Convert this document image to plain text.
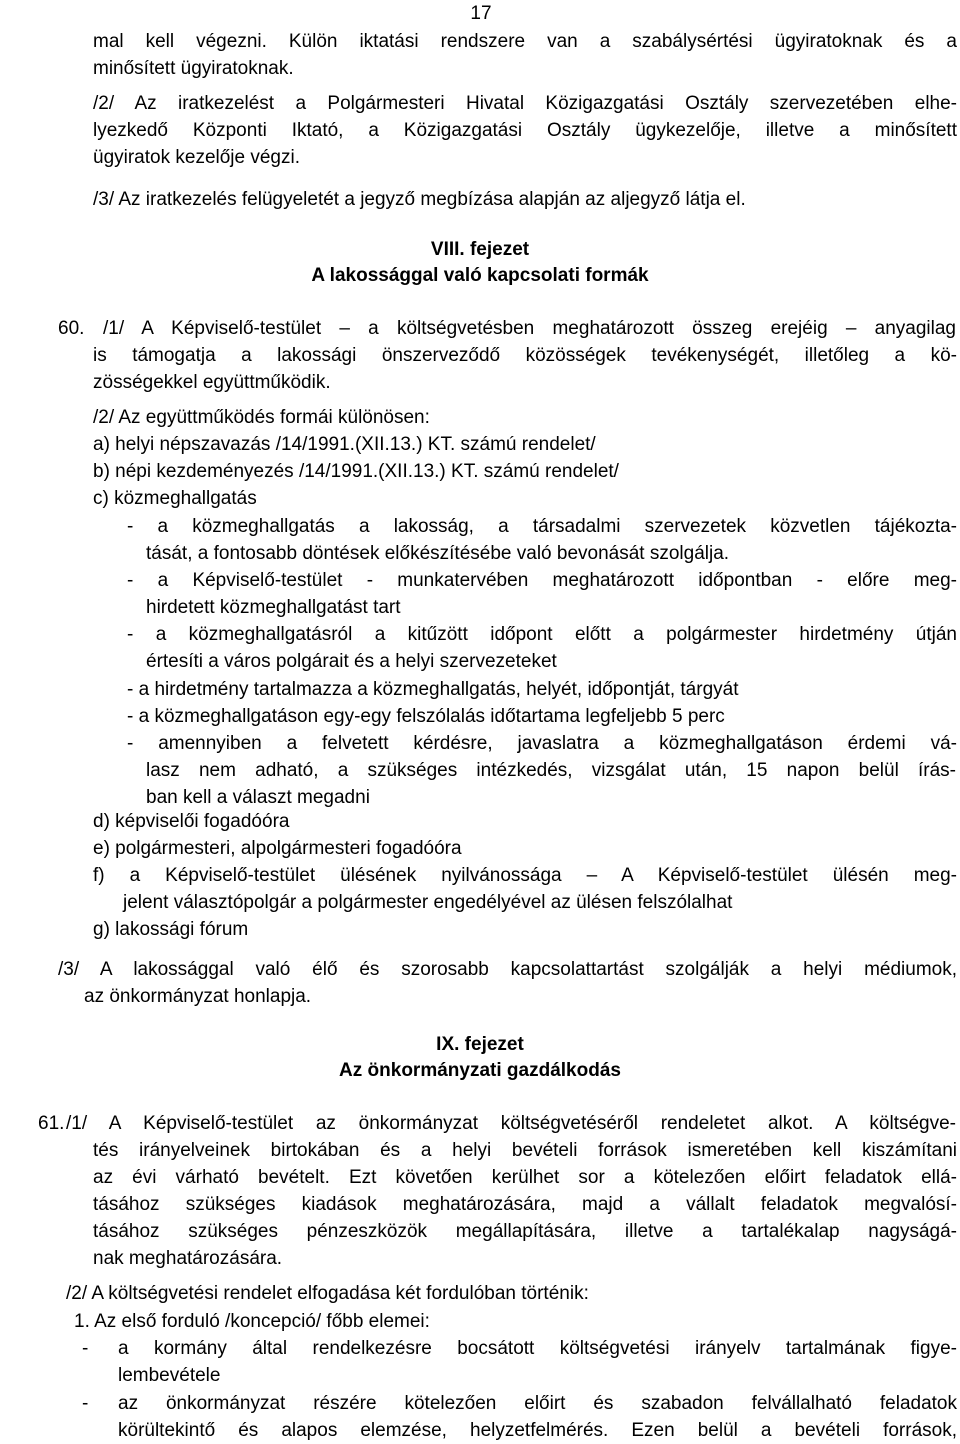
17
mal kell végezni. Külön iktatási rendszere van a szabálysértési ügyiratoknak és a
minősített ügyiratoknak.
/2/ Az iratkezelést a Polgármesteri Hivatal Közigazgatási Osztály szervezetében elhe-
lyezkedő Központi Iktató, a Közigazgatási Osztály ügykezelője, illetve a minősített
ügyiratok kezelője végzi.
/3/ Az iratkezelés felügyeletét a jegyző megbízása alapján az aljegyző látja el.
VIII. fejezet
A lakossággal való kapcsolati formák
60. /1/ A Képviselő-testület – a költségvetésben meghatározott összeg erejéig – anyagilag
is támogatja a lakossági önszerveződő közösségek tevékenységét, illetőleg a kö-
zösségekkel együttműködik.
/2/ Az együttműködés formái különösen:
a) helyi népszavazás /14/1991.(XII.13.) KT. számú rendelet/
b) népi kezdeményezés /14/1991.(XII.13.) KT. számú rendelet/
c) közmeghallgatás
- a közmeghallgatás a lakosság, a társadalmi szervezetek közvetlen tájékozta-
tását, a fontosabb döntések előkészítésébe való bevonását szolgálja.
- a Képviselő-testület - munkatervében meghatározott időpontban - előre meg-
hirdetett közmeghallgatást tart
- a közmeghallgatásról a kitűzött időpont előtt a polgármester hirdetmény útján
értesíti a város polgárait és a helyi szervezeteket
- a hirdetmény tartalmazza a közmeghallgatás, helyét, időpontját, tárgyát
- a közmeghallgatáson egy-egy felszólalás időtartama legfeljebb 5 perc
- amennyiben a felvetett kérdésre, javaslatra a közmeghallgatáson érdemi vá-
lasz nem adható, a szükséges intézkedés, vizsgálat után, 15 napon belül írás-
ban kell a választ megadni
d) képviselői fogadóóra
e) polgármesteri, alpolgármesteri fogadóóra
f) a Képviselő-testület ülésének nyilvánossága – A Képviselő-testület ülésén meg-
jelent választópolgár a polgármester engedélyével az ülésen felszólalhat
g) lakossági fórum
/3/ A lakossággal való élő és szorosabb kapcsolattartást szolgálják a helyi médiumok,
az önkormányzat honlapja.
IX. fejezet
Az önkormányzati gazdálkodás
61. /1/ A Képviselő-testület az önkormányzat költségvetéséről rendeletet alkot. A költségve-
tés irányelveinek birtokában és a helyi bevételi források ismeretében kell kiszámítani
az évi várható bevételt. Ezt követően kerülhet sor a kötelezően előirt feladatok ellá-
tásához szükséges kiadások meghatározására, majd a vállalt feladatok megvalósí-
tásához szükséges pénzeszközök megállapítására, illetve a tartalékalap nagyságá-
nak meghatározására.
/2/ A költségvetési rendelet elfogadása két fordulóban történik:
1. Az első forduló /koncepció/ főbb elemei:
- a kormány által rendelkezésre bocsátott költségvetési irányelv tartalmának figye-
lembevétele
- az önkormányzat részére kötelezően előirt és szabadon felvállalható feladatok
körültekintő és alapos elemzése, helyzetfelmérés. Ezen belül a bevételi források,
